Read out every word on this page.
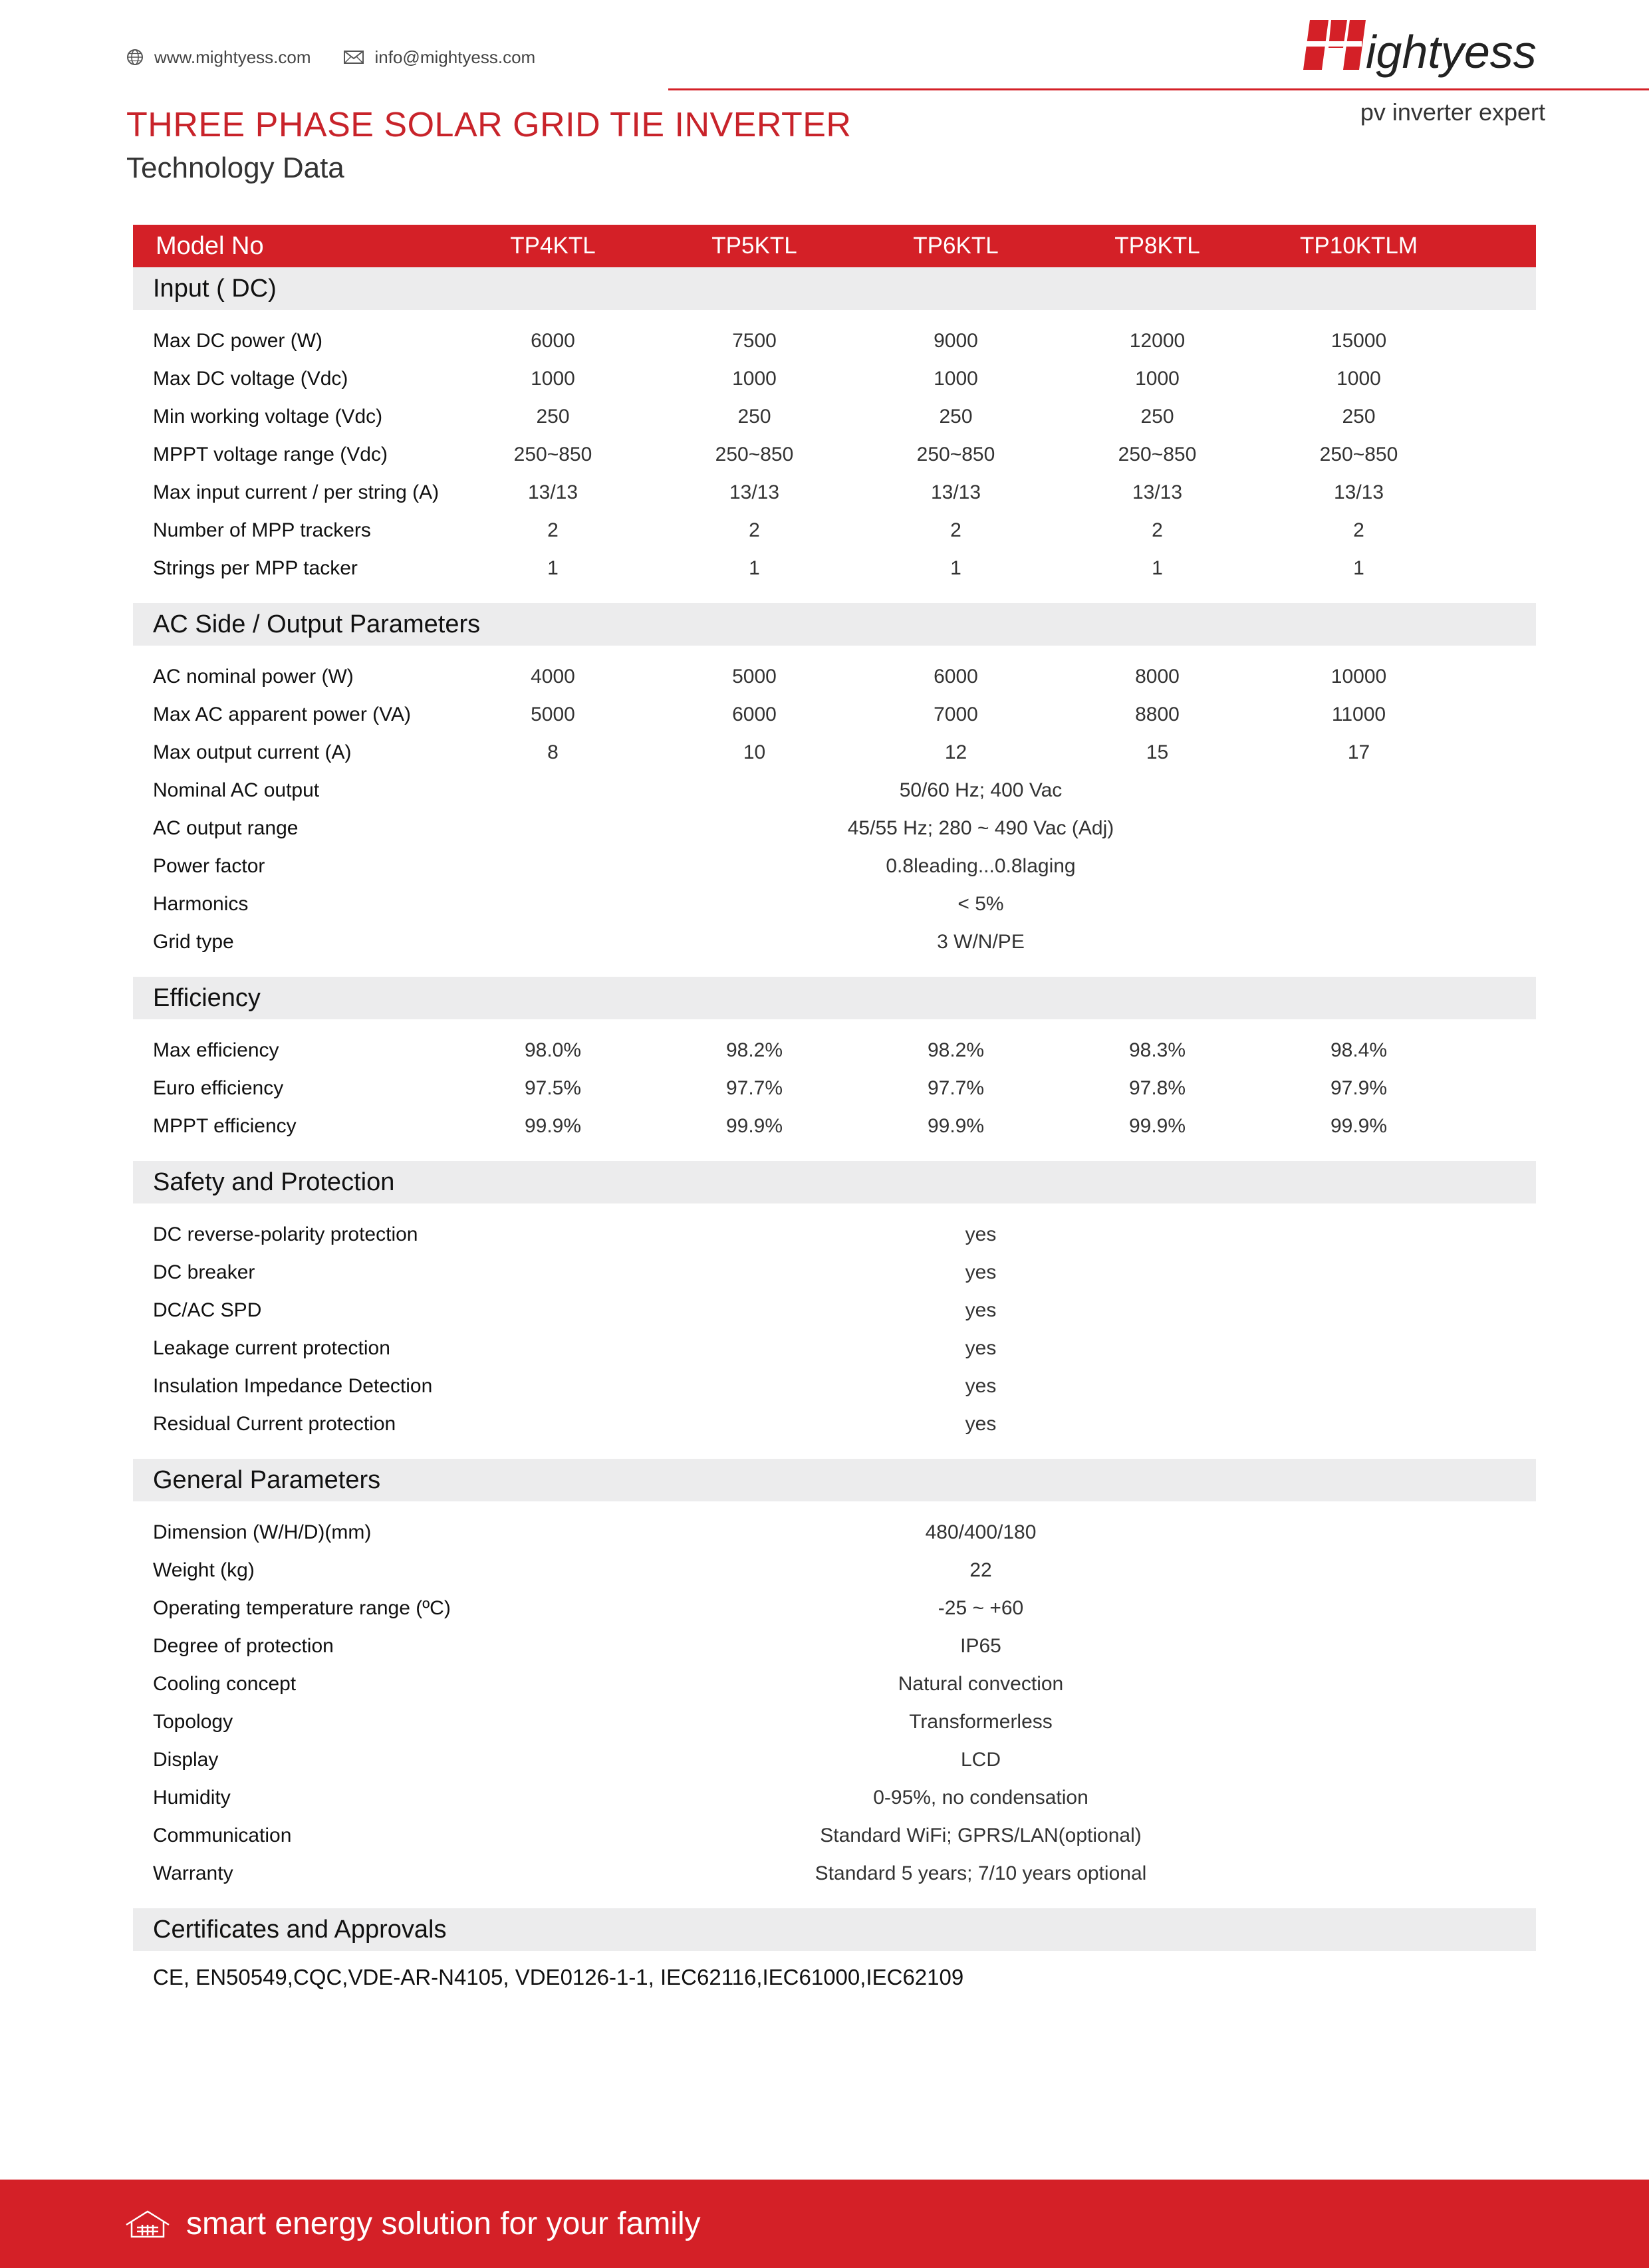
www.mightyess.com	info@mightyess.com	ightyess
pv inverter expert
THREE PHASE SOLAR GRID TIE INVERTER
Technology Data
Model No	TP4KTL	TP5KTL	TP6KTL	TP8KTL	TP10KTLM
Input ( DC)
Max DC power (W)	6000	7500	9000	12000	15000
Max DC voltage (Vdc)	1000	1000	1000	1000	1000
Min working voltage (Vdc)	250	250	250	250	250
MPPT voltage range (Vdc)	250~850	250~850	250~850	250~850	250~850
Max input current / per string (A)	13/13	13/13	13/13	13/13	13/13
Number of MPP trackers	2	2	2	2	2
Strings per MPP tacker	1	1	1	1	1
AC Side / Output Parameters
AC nominal power (W)	4000	5000	6000	8000	10000
Max AC apparent power (VA)	5000	6000	7000	8800	11000
Max output current (A)	8	10	12	15	17
Nominal AC output	50/60 Hz; 400 Vac
AC output range	45/55 Hz; 280 ~ 490 Vac (Adj)
Power factor	0.8leading...0.8laging
Harmonics	< 5%
Grid type	3 W/N/PE
Efficiency
Max efficiency	98.0%	98.2%	98.2%	98.3%	98.4%
Euro efficiency	97.5%	97.7%	97.7%	97.8%	97.9%
MPPT efficiency	99.9%	99.9%	99.9%	99.9%	99.9%
Safety and Protection
DC reverse-polarity protection	yes
DC breaker	yes
DC/AC SPD	yes
Leakage current protection	yes
Insulation Impedance Detection	yes
Residual Current protection	yes
General Parameters
Dimension (W/H/D)(mm)	480/400/180
Weight (kg)	22
Operating temperature range (ºC)	-25 ~ +60
Degree of protection	IP65
Cooling concept	Natural convection
Topology	Transformerless
Display	LCD
Humidity	0-95%, no condensation
Communication	Standard WiFi; GPRS/LAN(optional)
Warranty	Standard 5 years; 7/10 years optional
Certificates and Approvals
CE, EN50549,CQC,VDE-AR-N4105, VDE0126-1-1, IEC62116,IEC61000,IEC62109
smart energy solution for your family
